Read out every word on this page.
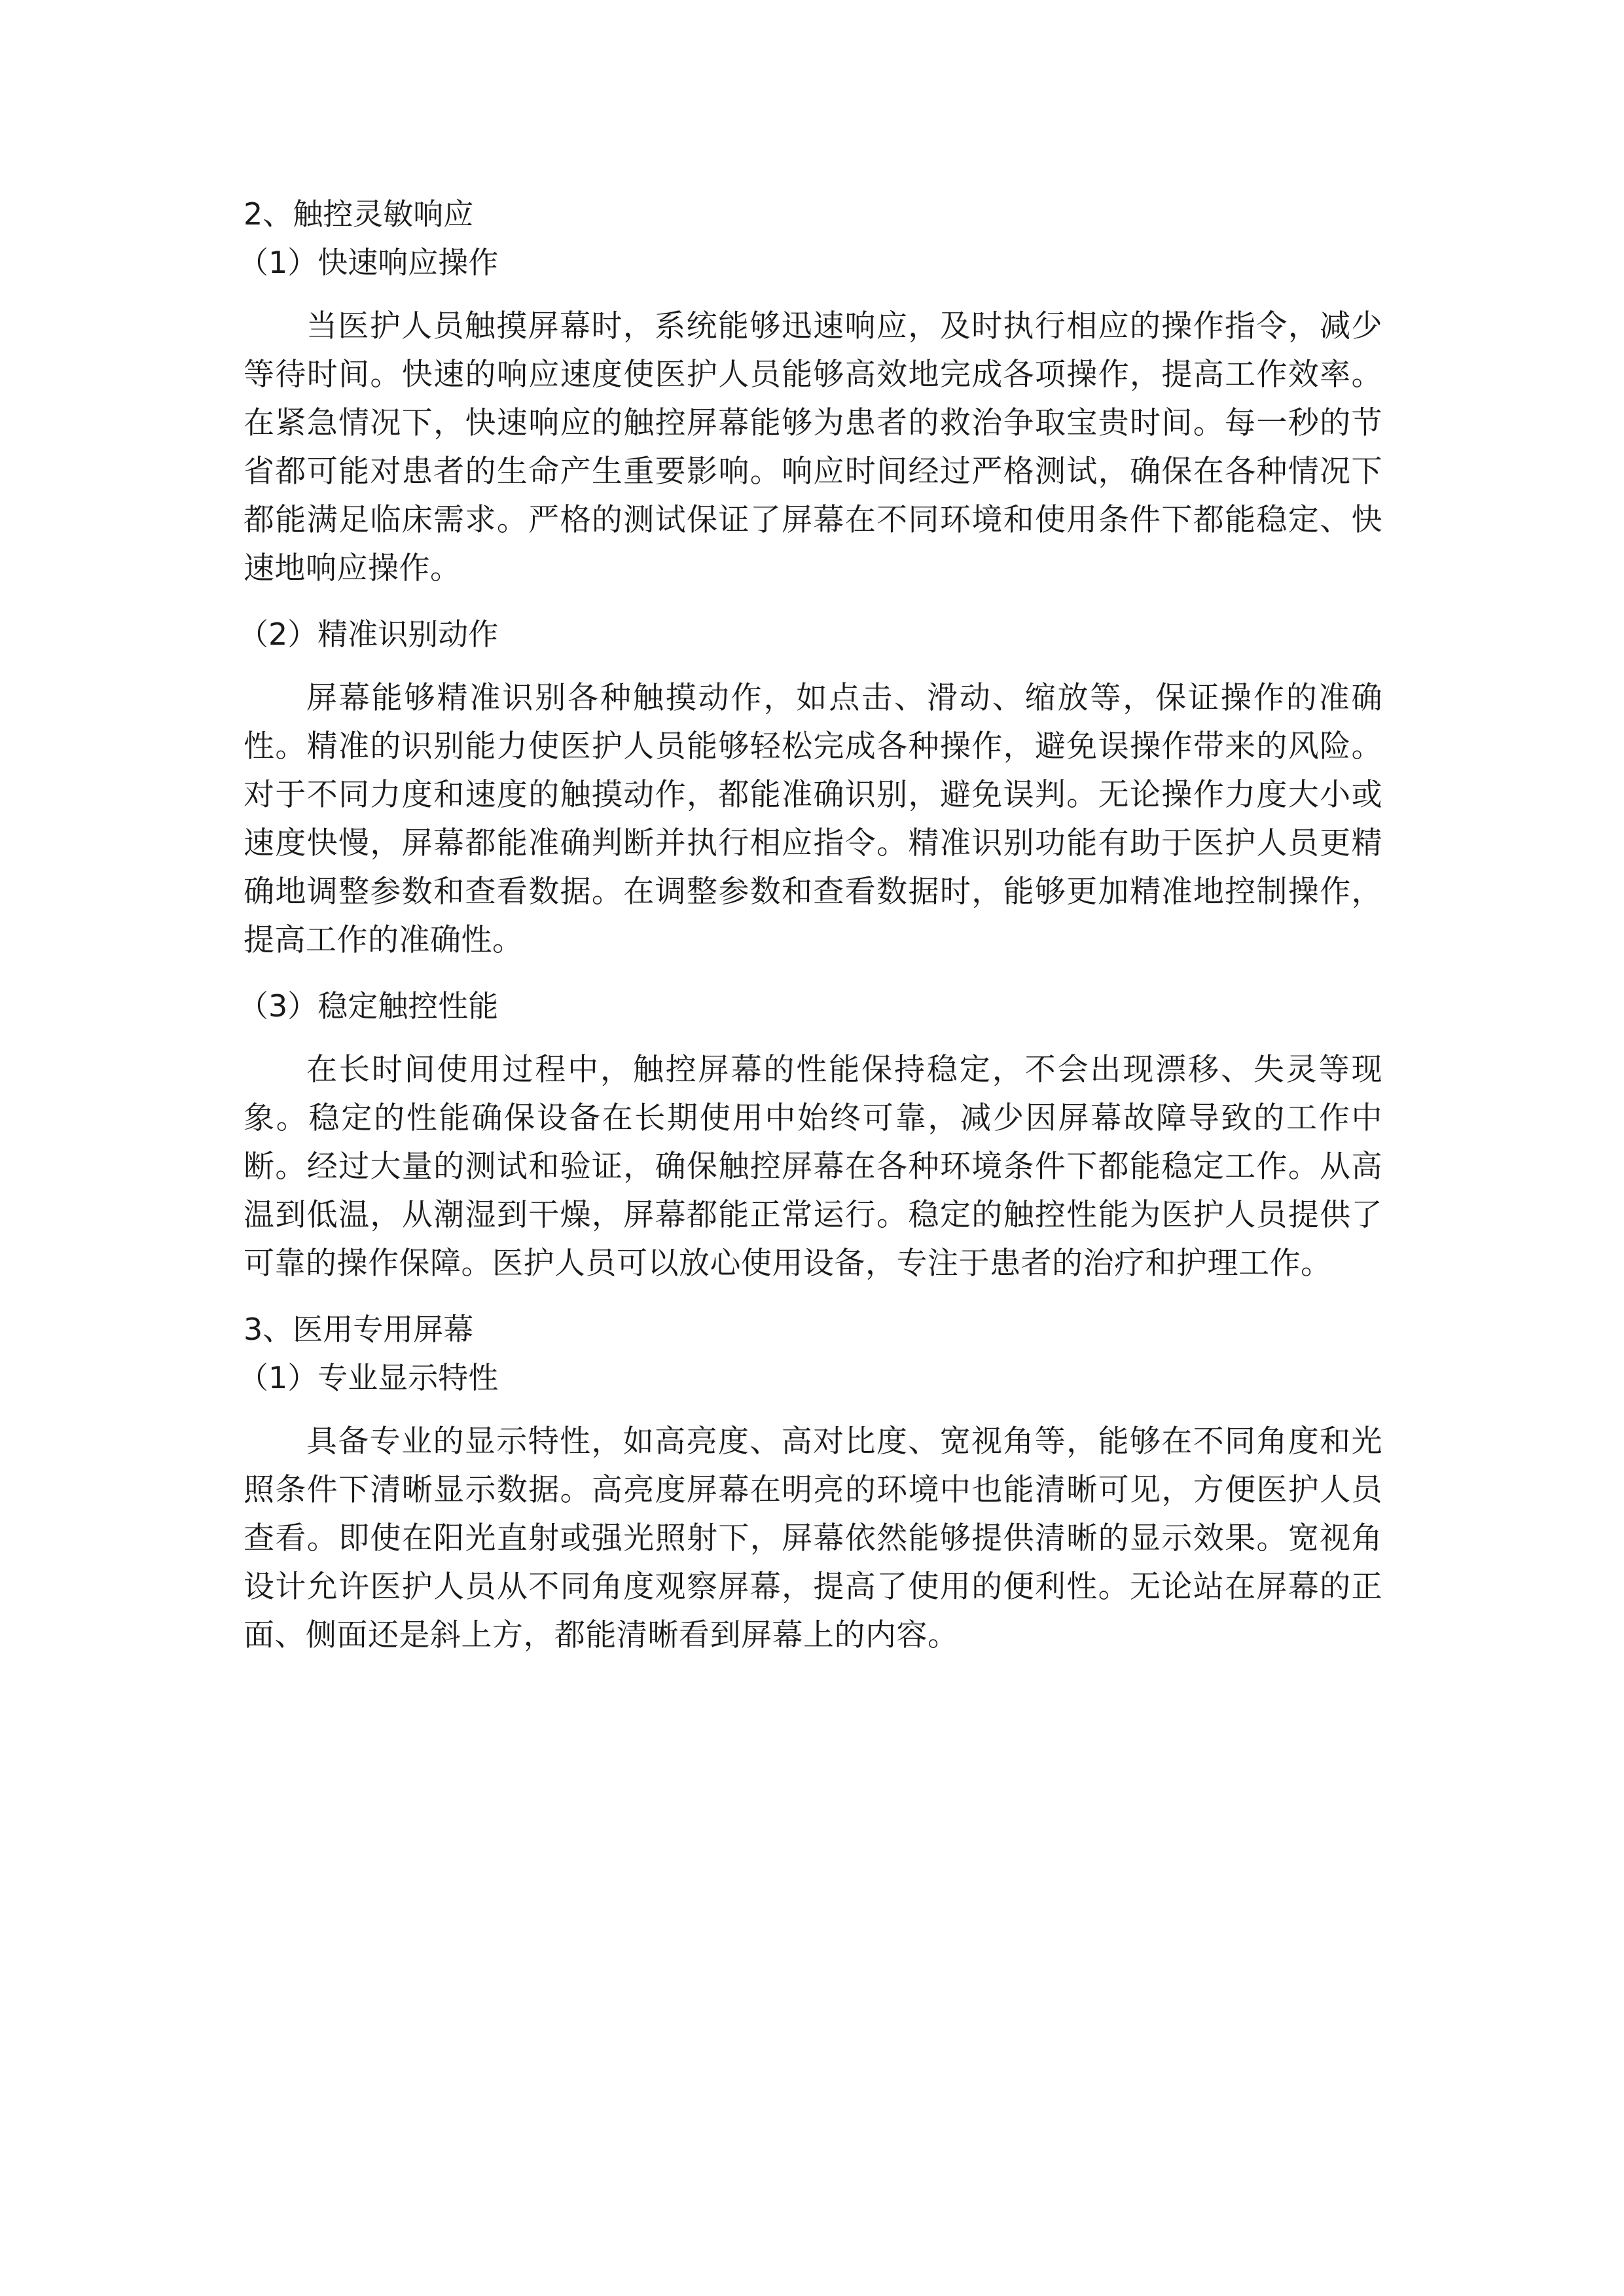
2、触控灵敏响应
（1）快速响应操作

当医护人员触摸屏幕时，系统能够迅速响应，及时执行相应的操作指令，减少等待时间。快速的响应速度使医护人员能够高效地完成各项操作，提高工作效率。在紧急情况下，快速响应的触控屏幕能够为患者的救治争取宝贵时间。每一秒的节省都可能对患者的生命产生重要影响。响应时间经过严格测试，确保在各种情况下都能满足临床需求。严格的测试保证了屏幕在不同环境和使用条件下都能稳定、快速地响应操作。

（2）精准识别动作

屏幕能够精准识别各种触摸动作，如点击、滑动、缩放等，保证操作的准确性。精准的识别能力使医护人员能够轻松完成各种操作，避免误操作带来的风险。对于不同力度和速度的触摸动作，都能准确识别，避免误判。无论操作力度大小或速度快慢，屏幕都能准确判断并执行相应指令。精准识别功能有助于医护人员更精确地调整参数和查看数据。在调整参数和查看数据时，能够更加精准地控制操作，提高工作的准确性。

（3）稳定触控性能

在长时间使用过程中，触控屏幕的性能保持稳定，不会出现漂移、失灵等现象。稳定的性能确保设备在长期使用中始终可靠，减少因屏幕故障导致的工作中断。经过大量的测试和验证，确保触控屏幕在各种环境条件下都能稳定工作。从高温到低温，从潮湿到干燥，屏幕都能正常运行。稳定的触控性能为医护人员提供了可靠的操作保障。医护人员可以放心使用设备，专注于患者的治疗和护理工作。

3、医用专用屏幕
（1）专业显示特性

具备专业的显示特性，如高亮度、高对比度、宽视角等，能够在不同角度和光照条件下清晰显示数据。高亮度屏幕在明亮的环境中也能清晰可见，方便医护人员查看。即使在阳光直射或强光照射下，屏幕依然能够提供清晰的显示效果。宽视角设计允许医护人员从不同角度观察屏幕，提高了使用的便利性。无论站在屏幕的正面、侧面还是斜上方，都能清晰看到屏幕上的内容。
